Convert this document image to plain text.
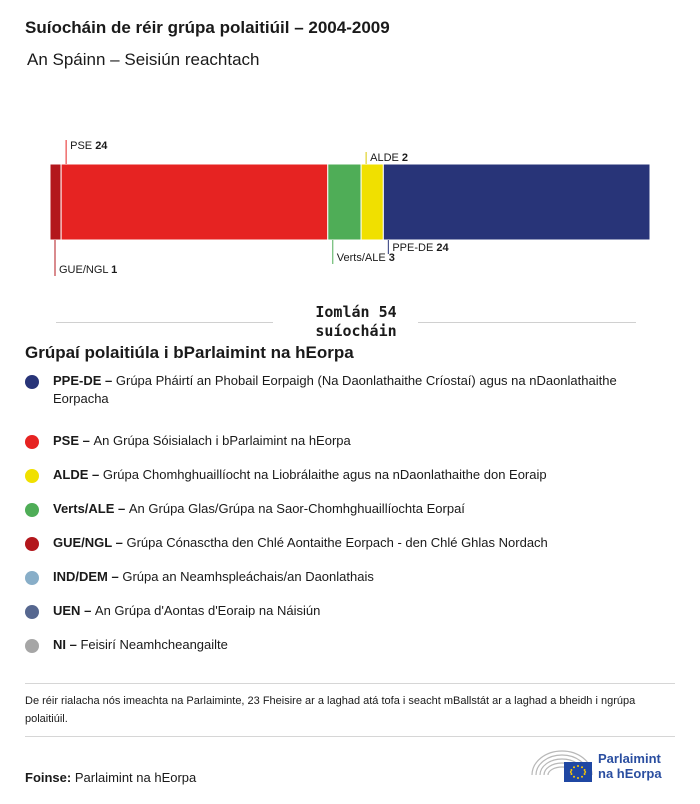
Suíocháin de réir grúpa polaitiúil – 2004-2009
An Spáinn – Seisiún reachtach
GUE/NGL 1
PSE 24
Verts/ALE 3
ALDE 2
PPE-DE 24
Iomlán 54
suíocháin
Grúpaí polaitiúla i bParlaimint na hEorpa
PPE-DE – Grúpa Pháirtí an Phobail Eorpaigh (Na Daonlathaithe Críostaí) agus na nDaonlathaithe Eorpacha
PSE – An Grúpa Sóisialach i bParlaimint na hEorpa
ALDE – Grúpa Chomhghuaillíocht na Liobrálaithe agus na nDaonlathaithe don Eoraip
Verts/ALE – An Grúpa Glas/Grúpa na Saor-Chomhghuaillíochta Eorpaí
GUE/NGL – Grúpa Cónasctha den Chlé Aontaithe Eorpach - den Chlé Ghlas Nordach
IND/DEM – Grúpa an Neamhspleáchais/an Daonlathais
UEN – An Grúpa d'Aontas d'Eoraip na Náisiún
NI – Feisirí Neamhcheangailte
De réir rialacha nós imeachta na Parlaiminte, 23 Fheisire ar a laghad atá tofa i seacht mBallstát ar a laghad a bheidh i ngrúpa polaitiúil.
Foinse: Parlaimint na hEorpa
Parlaimint
na hEorpa
